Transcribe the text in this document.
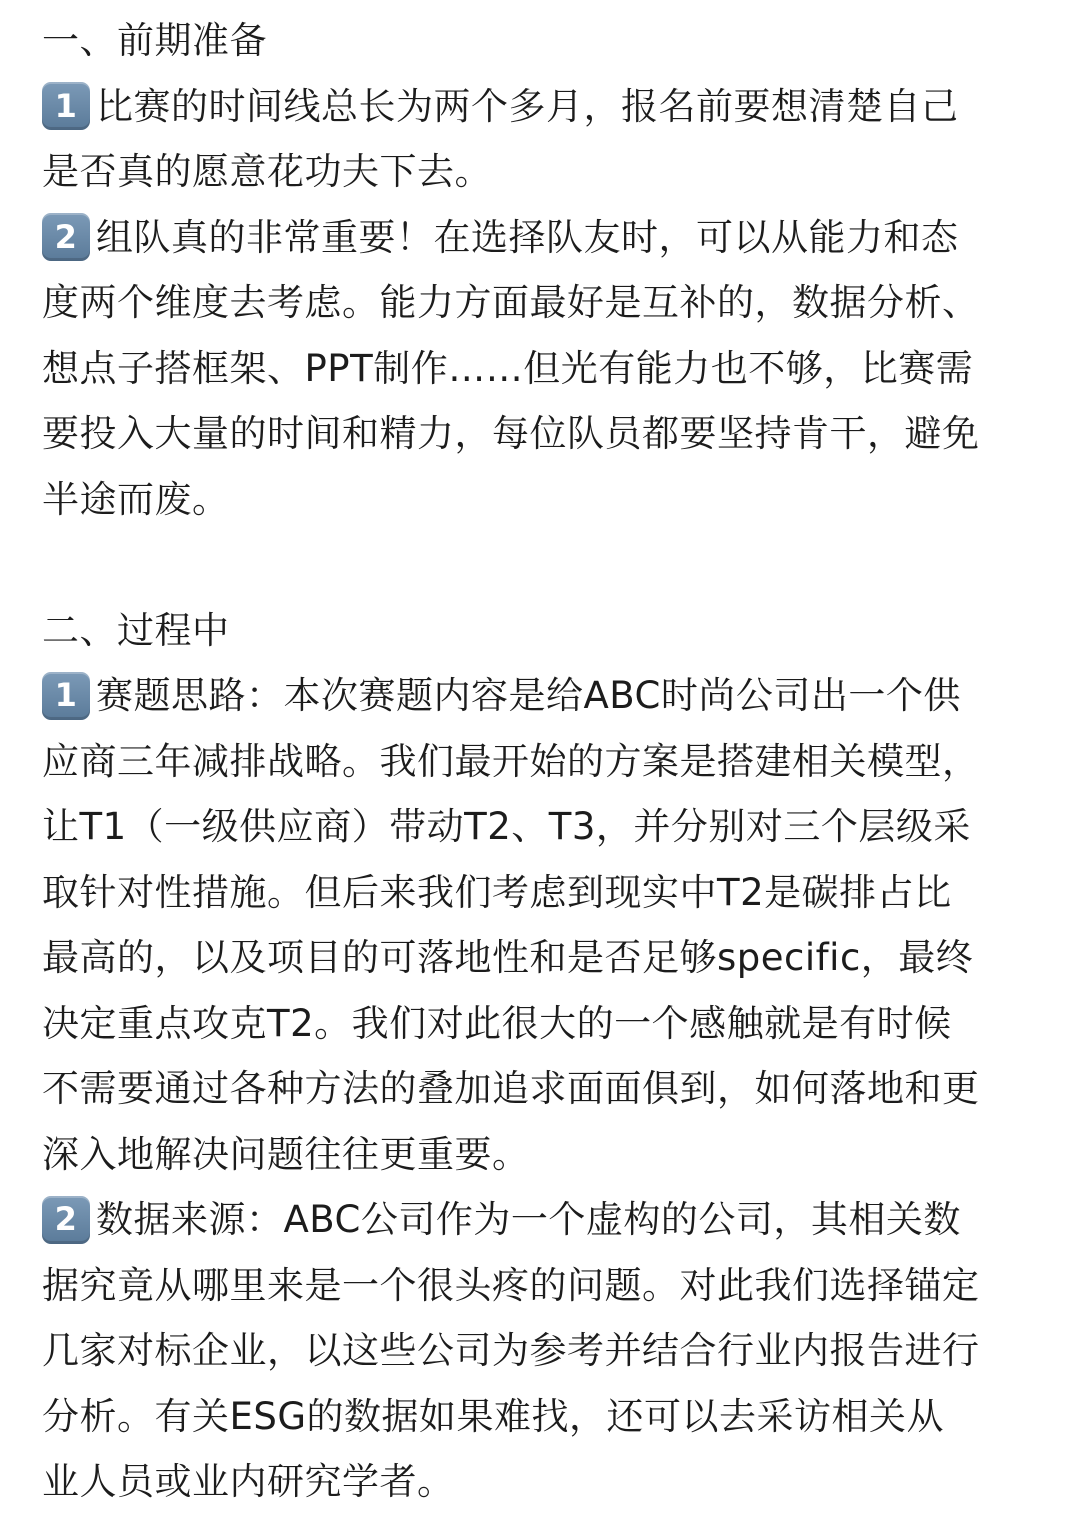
一、前期准备
1 比赛的时间线总长为两个多月，报名前要想清楚自己
是否真的愿意花功夫下去。
2 组队真的非常重要！在选择队友时，可以从能力和态
度两个维度去考虑。能力方面最好是互补的，数据分析、
想点子搭框架、PPT制作……但光有能力也不够，比赛需
要投入大量的时间和精力，每位队员都要坚持肯干，避免
半途而废。
二、过程中
1 赛题思路：本次赛题内容是给ABC时尚公司出一个供
应商三年减排战略。我们最开始的方案是搭建相关模型，
让T1（一级供应商）带动T2、T3，并分别对三个层级采
取针对性措施。但后来我们考虑到现实中T2是碳排占比
最高的，以及项目的可落地性和是否足够specific，最终
决定重点攻克T2。我们对此很大的一个感触就是有时候
不需要通过各种方法的叠加追求面面俱到，如何落地和更
深入地解决问题往往更重要。
2 数据来源：ABC公司作为一个虚构的公司，其相关数
据究竟从哪里来是一个很头疼的问题。对此我们选择锚定
几家对标企业，以这些公司为参考并结合行业内报告进行
分析。有关ESG的数据如果难找，还可以去采访相关从
业人员或业内研究学者。
